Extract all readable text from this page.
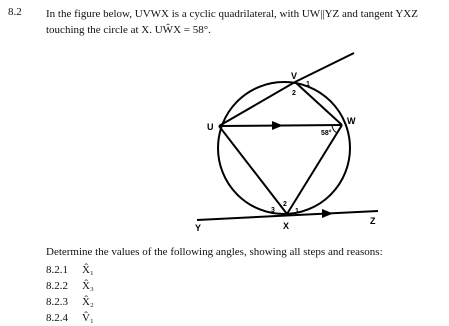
8.2 In the figure below, UVWX is a cyclic quadrilateral, with UW||YZ and tangent YXZ
touching the circle at X. UŴX = 58°.
V
U
W
X
Y
Z
1
2
58°
3
2
1
Determine the values of the following angles, showing all steps and reasons:
8.2.1	X̂₁
8.2.2	X̂₃
8.2.3	X̂₂
8.2.4	V̂₁
